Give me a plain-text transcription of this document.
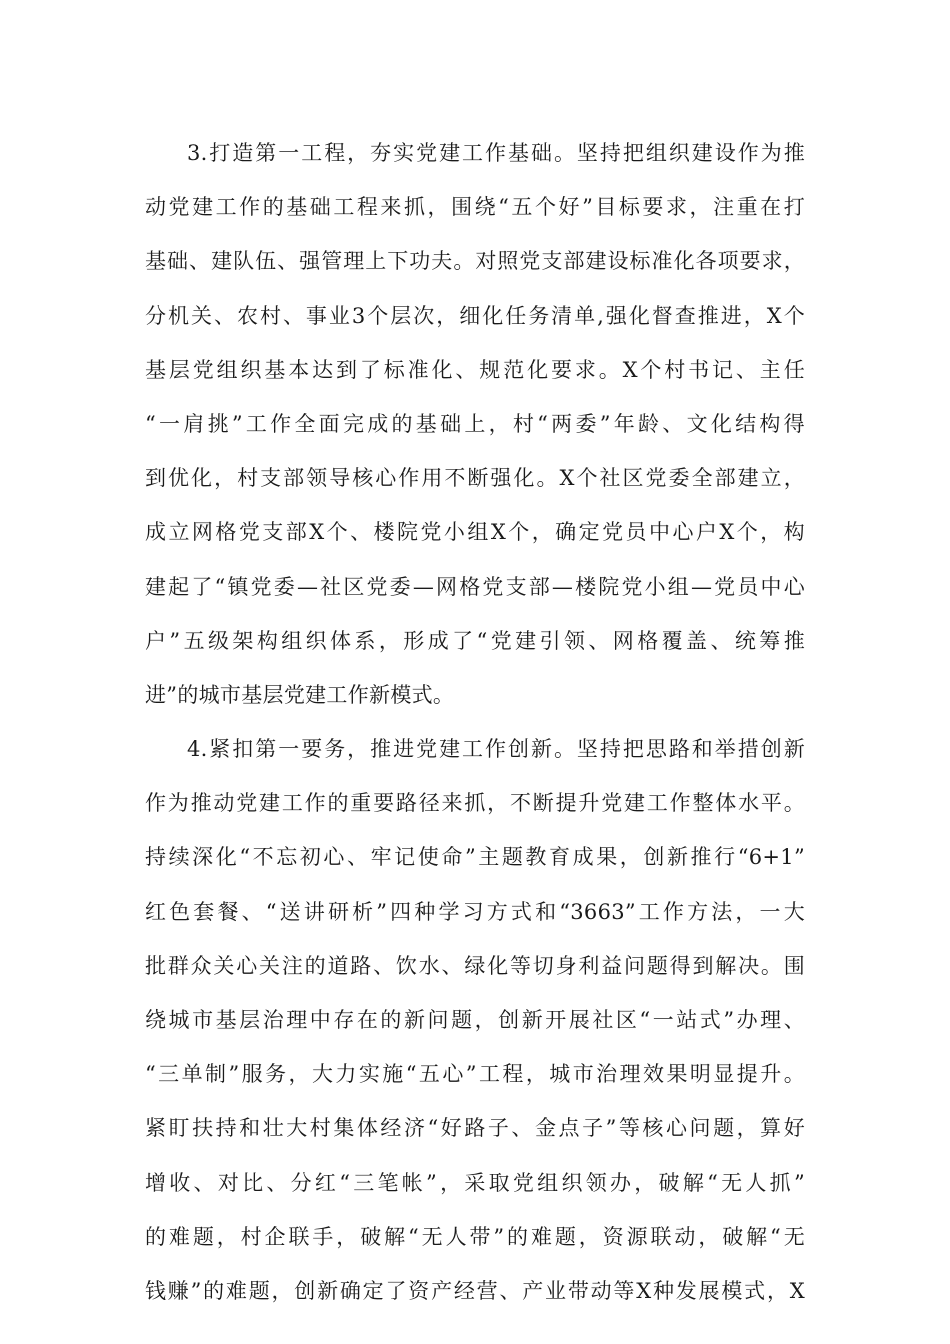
3.打造第一工程，夯实党建工作基础。坚持把组织建设作为推
动党建工作的基础工程来抓，围绕“五个好”目标要求，注重在打
基础、建队伍、强管理上下功夫。对照党支部建设标准化各项要求，
分机关、农村、事业3个层次，细化任务清单,强化督查推进，X个
基层党组织基本达到了标准化、规范化要求。X个村书记、主任
“一肩挑”工作全面完成的基础上，村“两委”年龄、文化结构得
到优化，村支部领导核心作用不断强化。X个社区党委全部建立，
成立网格党支部X个、楼院党小组X个，确定党员中心户X个，构
建起了“镇党委—社区党委—网格党支部—楼院党小组—党员中心
户”五级架构组织体系，形成了“党建引领、网格覆盖、统筹推
进”的城市基层党建工作新模式。
4.紧扣第一要务，推进党建工作创新。坚持把思路和举措创新
作为推动党建工作的重要路径来抓，不断提升党建工作整体水平。
持续深化“不忘初心、牢记使命”主题教育成果，创新推行“6+1”
红色套餐、“送讲研析”四种学习方式和“3663”工作方法，一大
批群众关心关注的道路、饮水、绿化等切身利益问题得到解决。围
绕城市基层治理中存在的新问题，创新开展社区“一站式”办理、
“三单制”服务，大力实施“五心”工程，城市治理效果明显提升。
紧盯扶持和壮大村集体经济“好路子、金点子”等核心问题，算好
增收、对比、分红“三笔帐”，采取党组织领办，破解“无人抓”
的难题，村企联手，破解“无人带”的难题，资源联动，破解“无
钱赚”的难题，创新确定了资产经营、产业带动等X种发展模式，X
